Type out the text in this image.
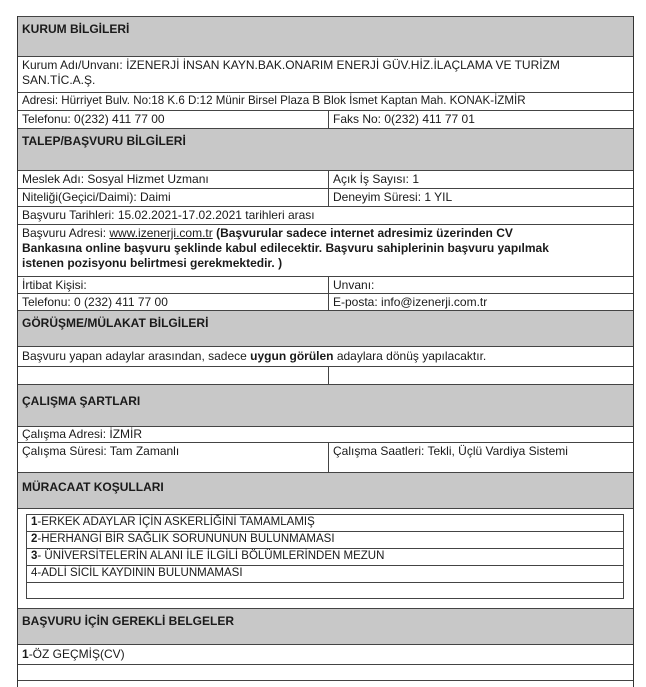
KURUM BİLGİLERİ
Kurum Adı/Unvanı: İZENERJİ İNSAN KAYN.BAK.ONARIM ENERJİ GÜV.HİZ.İLAÇLAMA VE TURİZM SAN.TİC.A.Ş.
Adresi: Hürriyet Bulv. No:18 K.6 D:12 Münir Birsel Plaza B Blok İsmet Kaptan Mah. KONAK-İZMİR
Telefonu: 0(232) 411 77 00	Faks No: 0(232) 411 77 01
TALEP/BAŞVURU BİLGİLERİ
Meslek Adı: Sosyal Hizmet Uzmanı	Açık İş Sayısı: 1
Niteliği(Geçici/Daimi): Daimi	Deneyim Süresi: 1 YIL
Başvuru Tarihleri: 15.02.2021-17.02.2021 tarihleri arası
Başvuru Adresi: www.izenerji.com.tr (Başvurular sadece internet adresimiz üzerinden CV
Bankasına online başvuru şeklinde kabul edilecektir. Başvuru sahiplerinin başvuru yapılmak
istenen pozisyonu belirtmesi gerekmektedir. )
İrtibat Kişisi:	Unvanı:
Telefonu: 0 (232) 411 77 00	E-posta: info@izenerji.com.tr
GÖRÜŞME/MÜLAKAT BİLGİLERİ
Başvuru yapan adaylar arasından, sadece uygun görülen adaylara dönüş yapılacaktır.
ÇALIŞMA ŞARTLARI
Çalışma Adresi: İZMİR
Çalışma Süresi: Tam Zamanlı	Çalışma Saatleri: Tekli, Üçlü Vardiya Sistemi
MÜRACAAT KOŞULLARI
1-ERKEK ADAYLAR İÇİN ASKERLİĞİNİ TAMAMLAMIŞ
2-HERHANGİ BİR SAĞLIK SORUNUNUN BULUNMAMASI
3- ÜNİVERSİTELERİN ALANI İLE İLGİLİ BÖLÜMLERİNDEN MEZUN
4-ADLİ SİCİL KAYDININ BULUNMAMASI
BAŞVURU İÇİN GEREKLİ BELGELER
1-ÖZ GEÇMİŞ(CV)
